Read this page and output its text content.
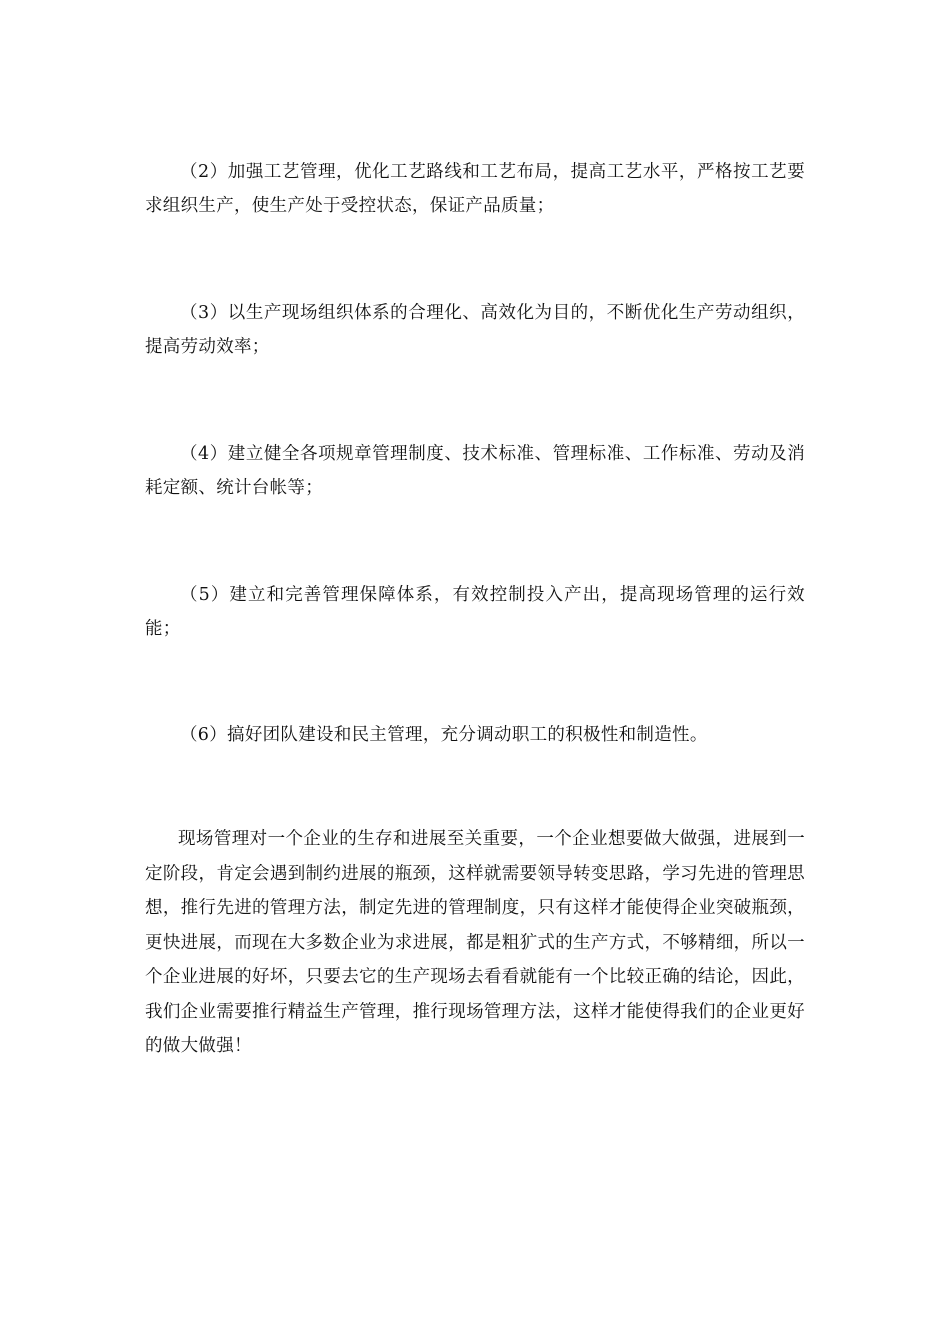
（2）加强工艺管理，优化工艺路线和工艺布局，提高工艺水平，严格按工艺要求组织生产，使生产处于受控状态，保证产品质量；

（3）以生产现场组织体系的合理化、高效化为目的，不断优化生产劳动组织，提高劳动效率；

（4）建立健全各项规章管理制度、技术标准、管理标准、工作标准、劳动及消耗定额、统计台帐等；

（5）建立和完善管理保障体系，有效控制投入产出，提高现场管理的运行效能；

（6）搞好团队建设和民主管理，充分调动职工的积极性和制造性。

现场管理对一个企业的生存和进展至关重要，一个企业想要做大做强，进展到一定阶段，肯定会遇到制约进展的瓶颈，这样就需要领导转变思路，学习先进的管理思想，推行先进的管理方法，制定先进的管理制度，只有这样才能使得企业突破瓶颈，更快进展，而现在大多数企业为求进展，都是粗犷式的生产方式，不够精细，所以一个企业进展的好坏，只要去它的生产现场去看看就能有一个比较正确的结论，因此，我们企业需要推行精益生产管理，推行现场管理方法，这样才能使得我们的企业更好的做大做强！
